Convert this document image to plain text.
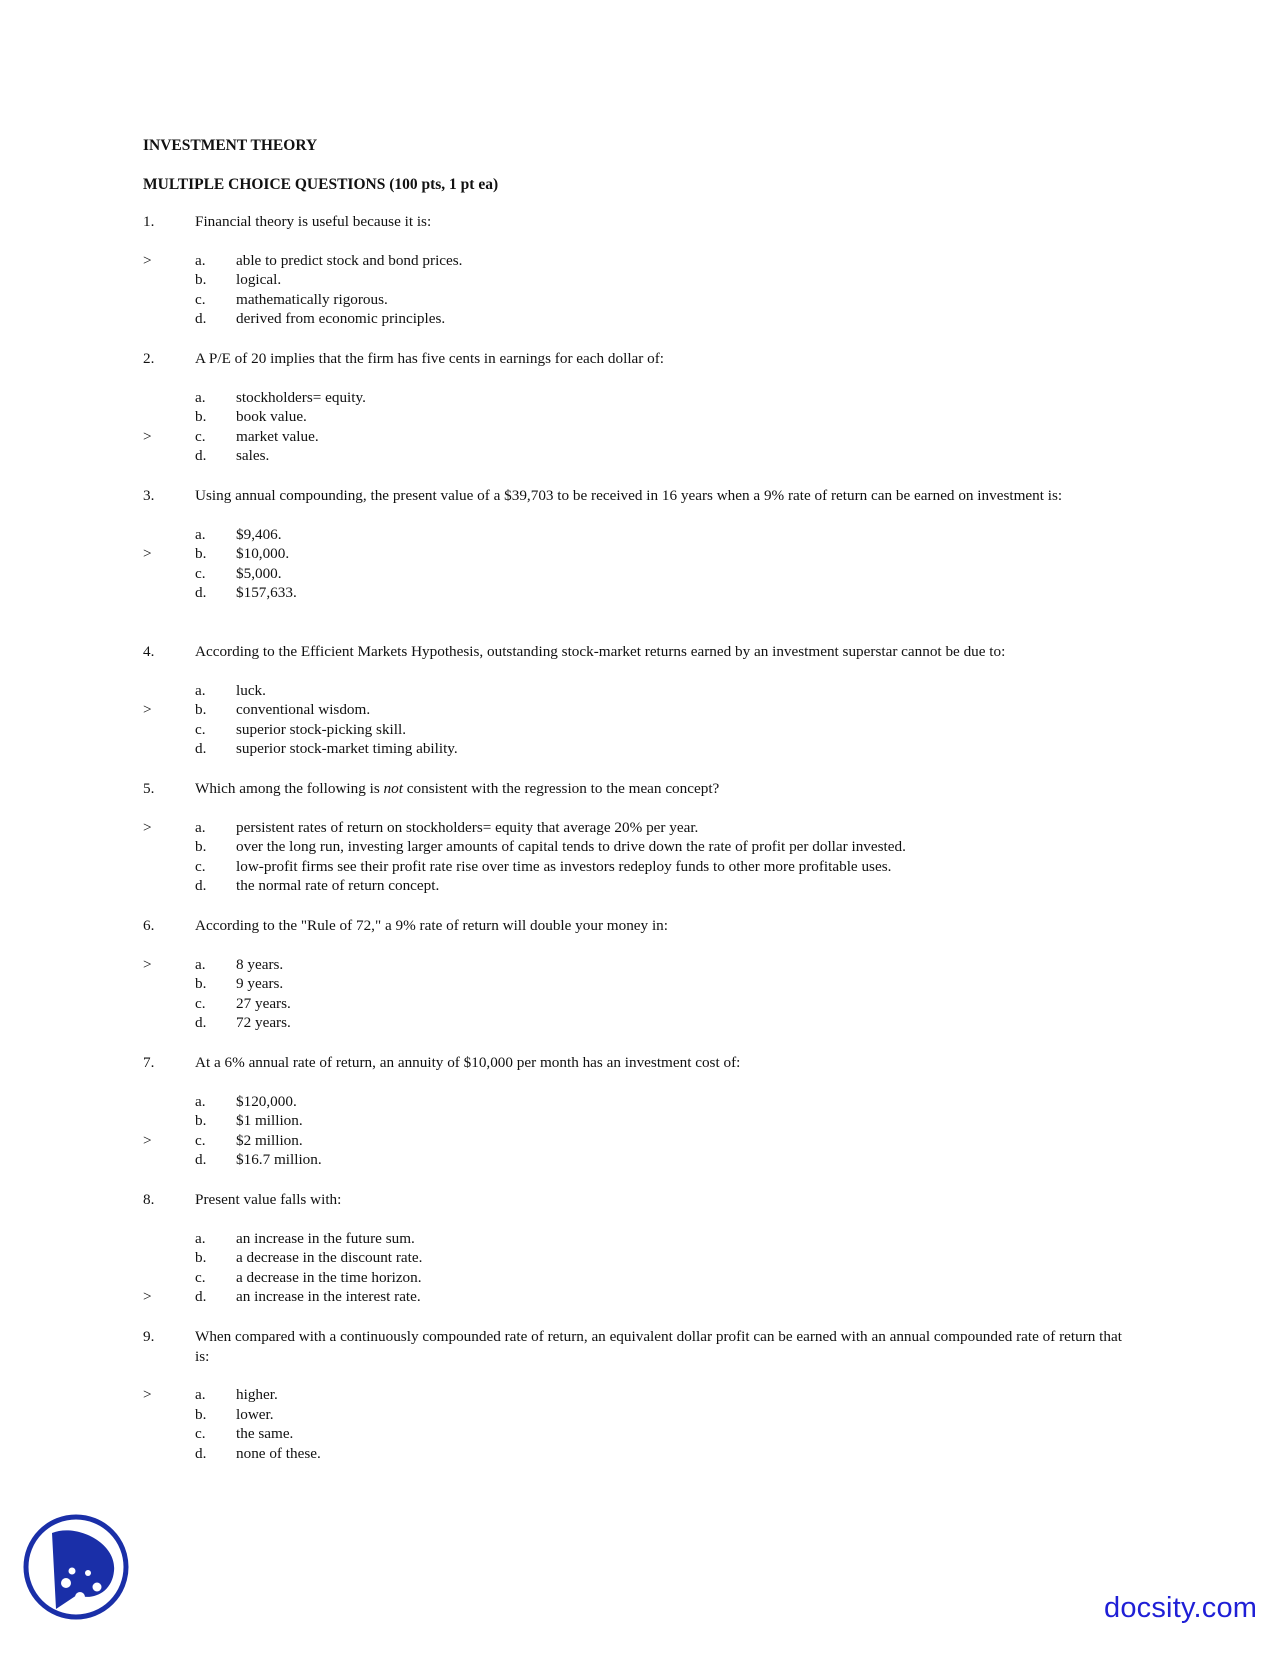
INVESTMENT THEORY
MULTIPLE CHOICE QUESTIONS (100 pts, 1 pt ea)
1.	Financial theory is useful because it is:
>	a. able to predict stock and bond prices.
b. logical.
c. mathematically rigorous.
d. derived from economic principles.
2.	A P/E of 20 implies that the firm has five cents in earnings for each dollar of:
a. stockholders= equity.
b. book value.
>	c. market value.
d. sales.
3.	Using annual compounding, the present value of a $39,703 to be received in 16 years when a 9% rate of return can be earned on investment is:
a. $9,406.
>	b. $10,000.
c. $5,000.
d. $157,633.
4.	According to the Efficient Markets Hypothesis, outstanding stock-market returns earned by an investment superstar cannot be due to:
a. luck.
>	b. conventional wisdom.
c. superior stock-picking skill.
d. superior stock-market timing ability.
5.	Which among the following is not consistent with the regression to the mean concept?
>	a. persistent rates of return on stockholders= equity that average 20% per year.
b. over the long run, investing larger amounts of capital tends to drive down the rate of profit per dollar invested.
c. low-profit firms see their profit rate rise over time as investors redeploy funds to other more profitable uses.
d. the normal rate of return concept.
6.	According to the "Rule of 72," a 9% rate of return will double your money in:
>	a. 8 years.
b. 9 years.
c. 27 years.
d. 72 years.
7.	At a 6% annual rate of return, an annuity of $10,000 per month has an investment cost of:
a. $120,000.
b. $1 million.
>	c. $2 million.
d. $16.7 million.
8.	Present value falls with:
a. an increase in the future sum.
b. a decrease in the discount rate.
c. a decrease in the time horizon.
>	d. an increase in the interest rate.
9.	When compared with a continuously compounded rate of return, an equivalent dollar profit can be earned with an annual compounded rate of return that is:
>	a. higher.
b. lower.
c. the same.
d. none of these.
docsity.com
